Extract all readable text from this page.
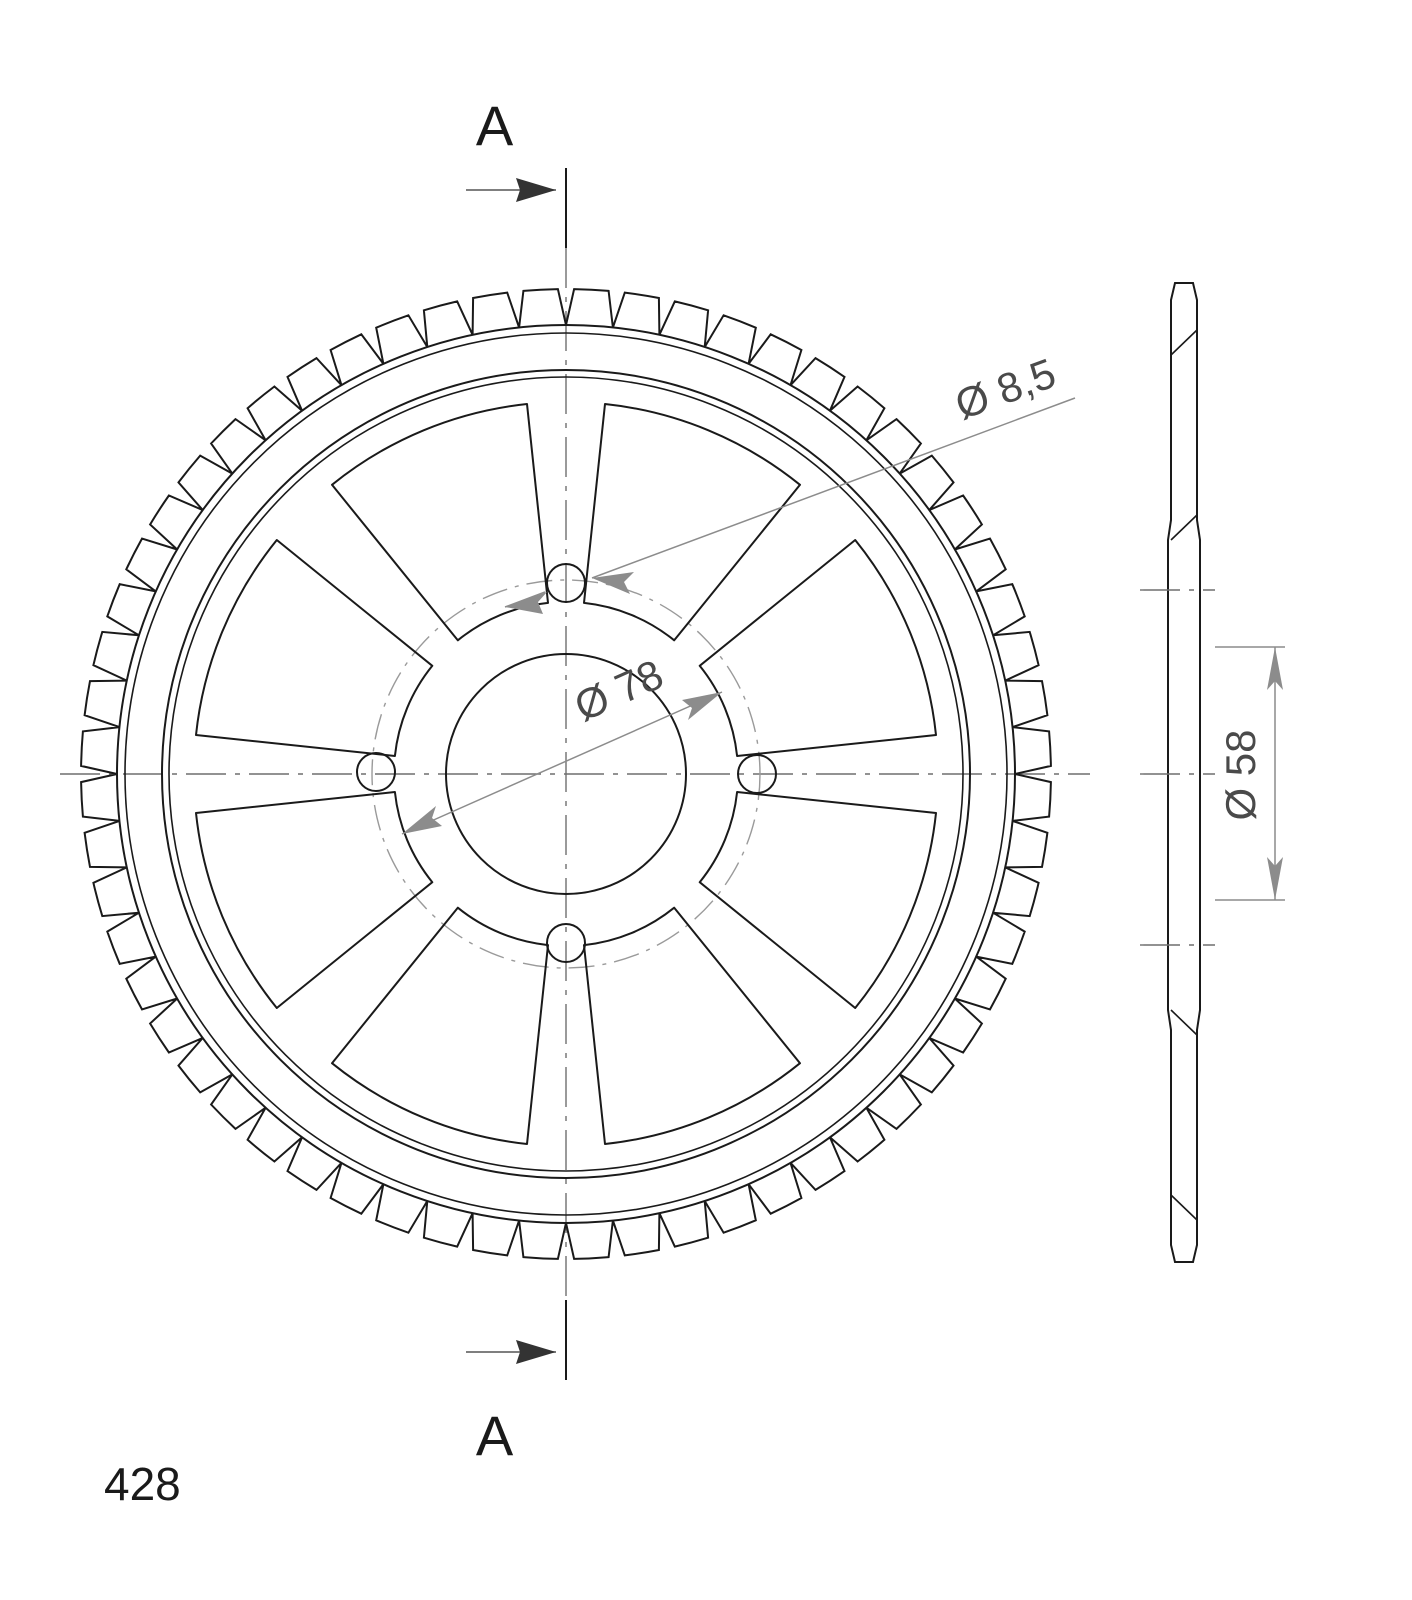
A
A
Ø 8,5
Ø 78
Ø 58
428
